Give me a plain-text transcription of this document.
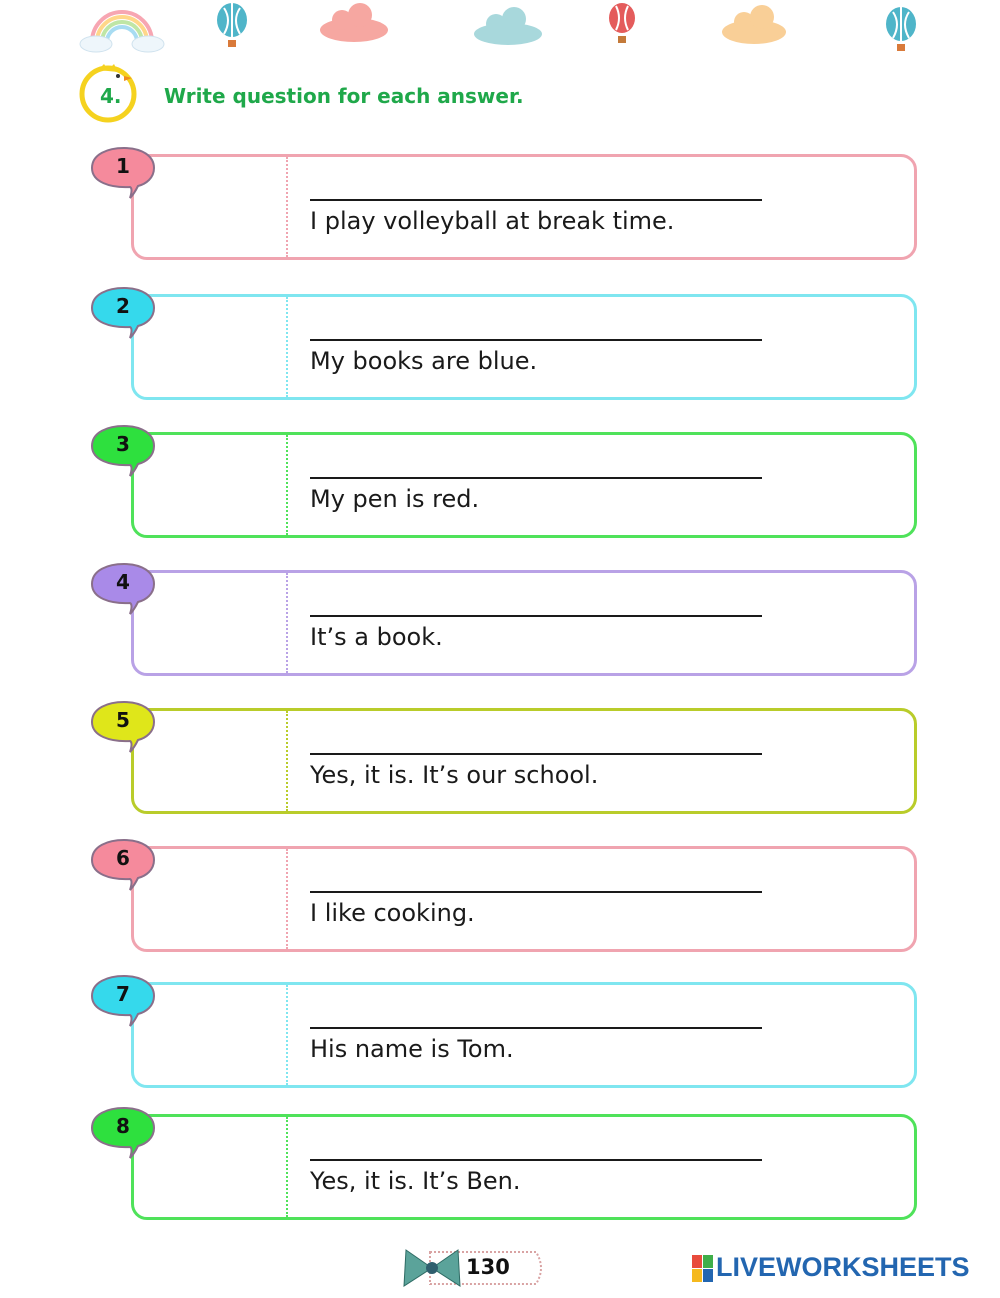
4. Write question for each answer.
I play volleyball at break time.
1
My books are blue.
2
My pen is red.
3
It’s a book.
4
Yes, it is. It’s our school.
5
I like cooking.
6
His name is Tom.
7
Yes, it is. It’s Ben.
8
130	LIVEWORKSHEETS
